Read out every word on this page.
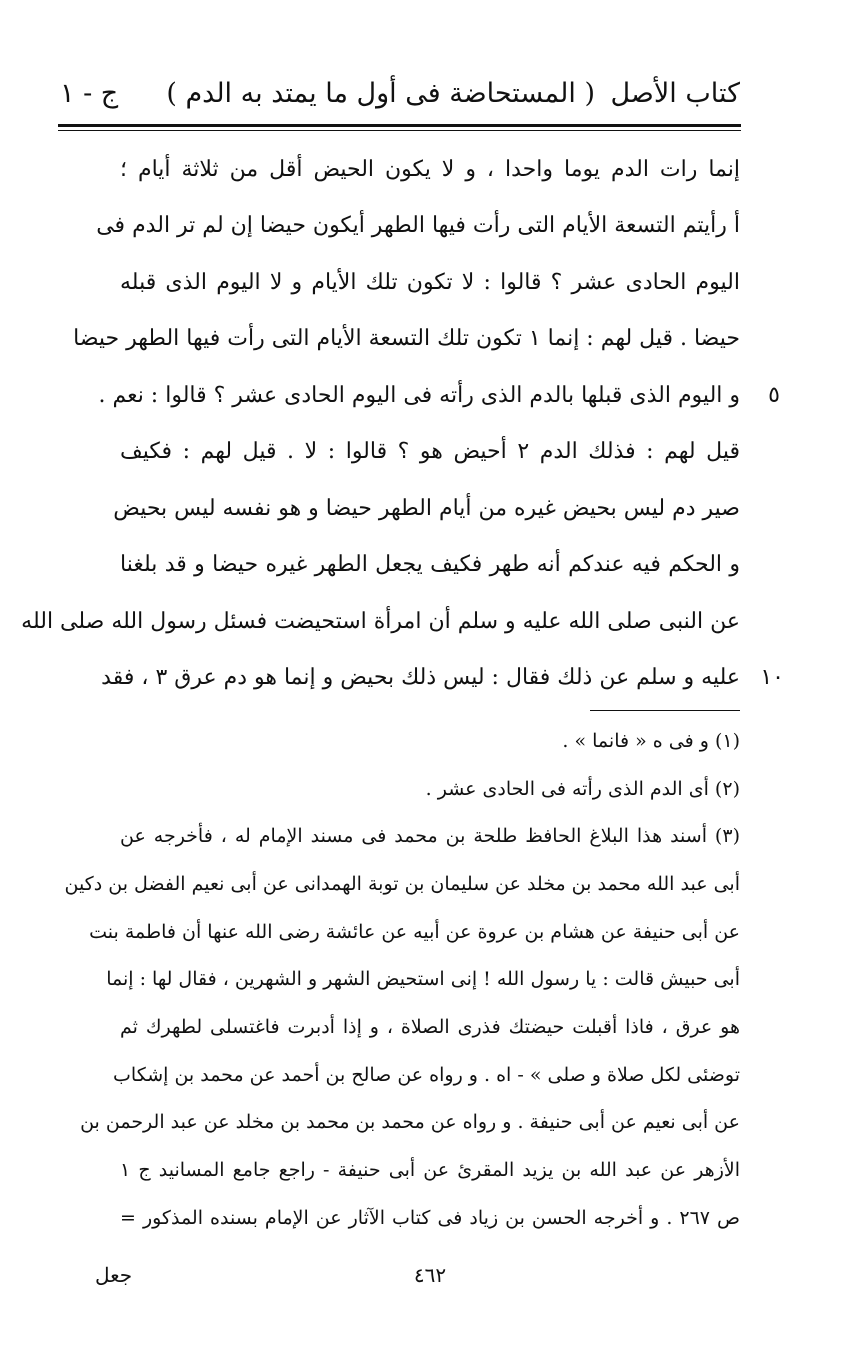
كتاب الأصل
( المستحاضة فى أول ما يمتد به الدم )
ج - ١
إنما رات الدم يوما واحدا ، و لا يكون الحيض أقل من ثلاثة أيام ؛
أ رأيتم التسعة الأيام التى رأت فيها الطهر أيكون حيضا إن لم تر الدم فى
اليوم الحادى عشر ؟ قالوا : لا تكون تلك الأيام و لا اليوم الذى قبله
حيضا . قيل لهم : إنما ١ تكون تلك التسعة الأيام التى رأت فيها الطهر حيضا
و اليوم الذى قبلها بالدم الذى رأته فى اليوم الحادى عشر ؟ قالوا : نعم .
قيل لهم : فذلك الدم ٢ أحيض هو ؟ قالوا : لا . قيل لهم : فكيف
صير دم ليس بحيض غيره من أيام الطهر حيضا و هو نفسه ليس بحيض
و الحكم فيه عندكم أنه طهر فكيف يجعل الطهر غيره حيضا و قد بلغنا
عن النبى صلى الله عليه و سلم أن امرأة استحيضت فسئل رسول الله صلى الله
عليه و سلم عن ذلك فقال : ليس ذلك بحيض و إنما هو دم عرق ٣ ، فقد
٥
١٠
(١) و فى ه « فانما » .
(٢) أى الدم الذى رأته فى الحادى عشر .
(٣) أسند هذا البلاغ الحافظ طلحة بن محمد فى مسند الإمام له ، فأخرجه عن
أبى عبد الله محمد بن مخلد عن سليمان بن توبة الهمدانى عن أبى نعيم الفضل بن دكين
عن أبى حنيفة عن هشام بن عروة عن أبيه عن عائشة رضى الله عنها أن فاطمة بنت
أبى حبيش قالت : يا رسول الله ! إنى استحيض الشهر و الشهرين ، فقال لها : إنما
هو عرق ، فاذا أقبلت حيضتك فذرى الصلاة ، و إذا أدبرت فاغتسلى لطهرك ثم
توضئى لكل صلاة و صلى » - اه . و رواه عن صالح بن أحمد عن محمد بن إشكاب
عن أبى نعيم عن أبى حنيفة . و رواه عن محمد بن محمد بن مخلد عن عبد الرحمن بن
الأزهر عن عبد الله بن يزيد المقرئ عن أبى حنيفة - راجع جامع المسانيد ج ١
ص ٢٦٧ . و أخرجه الحسن بن زياد فى كتاب الآثار عن الإمام بسنده المذكور =
٤٦٢
جعل
